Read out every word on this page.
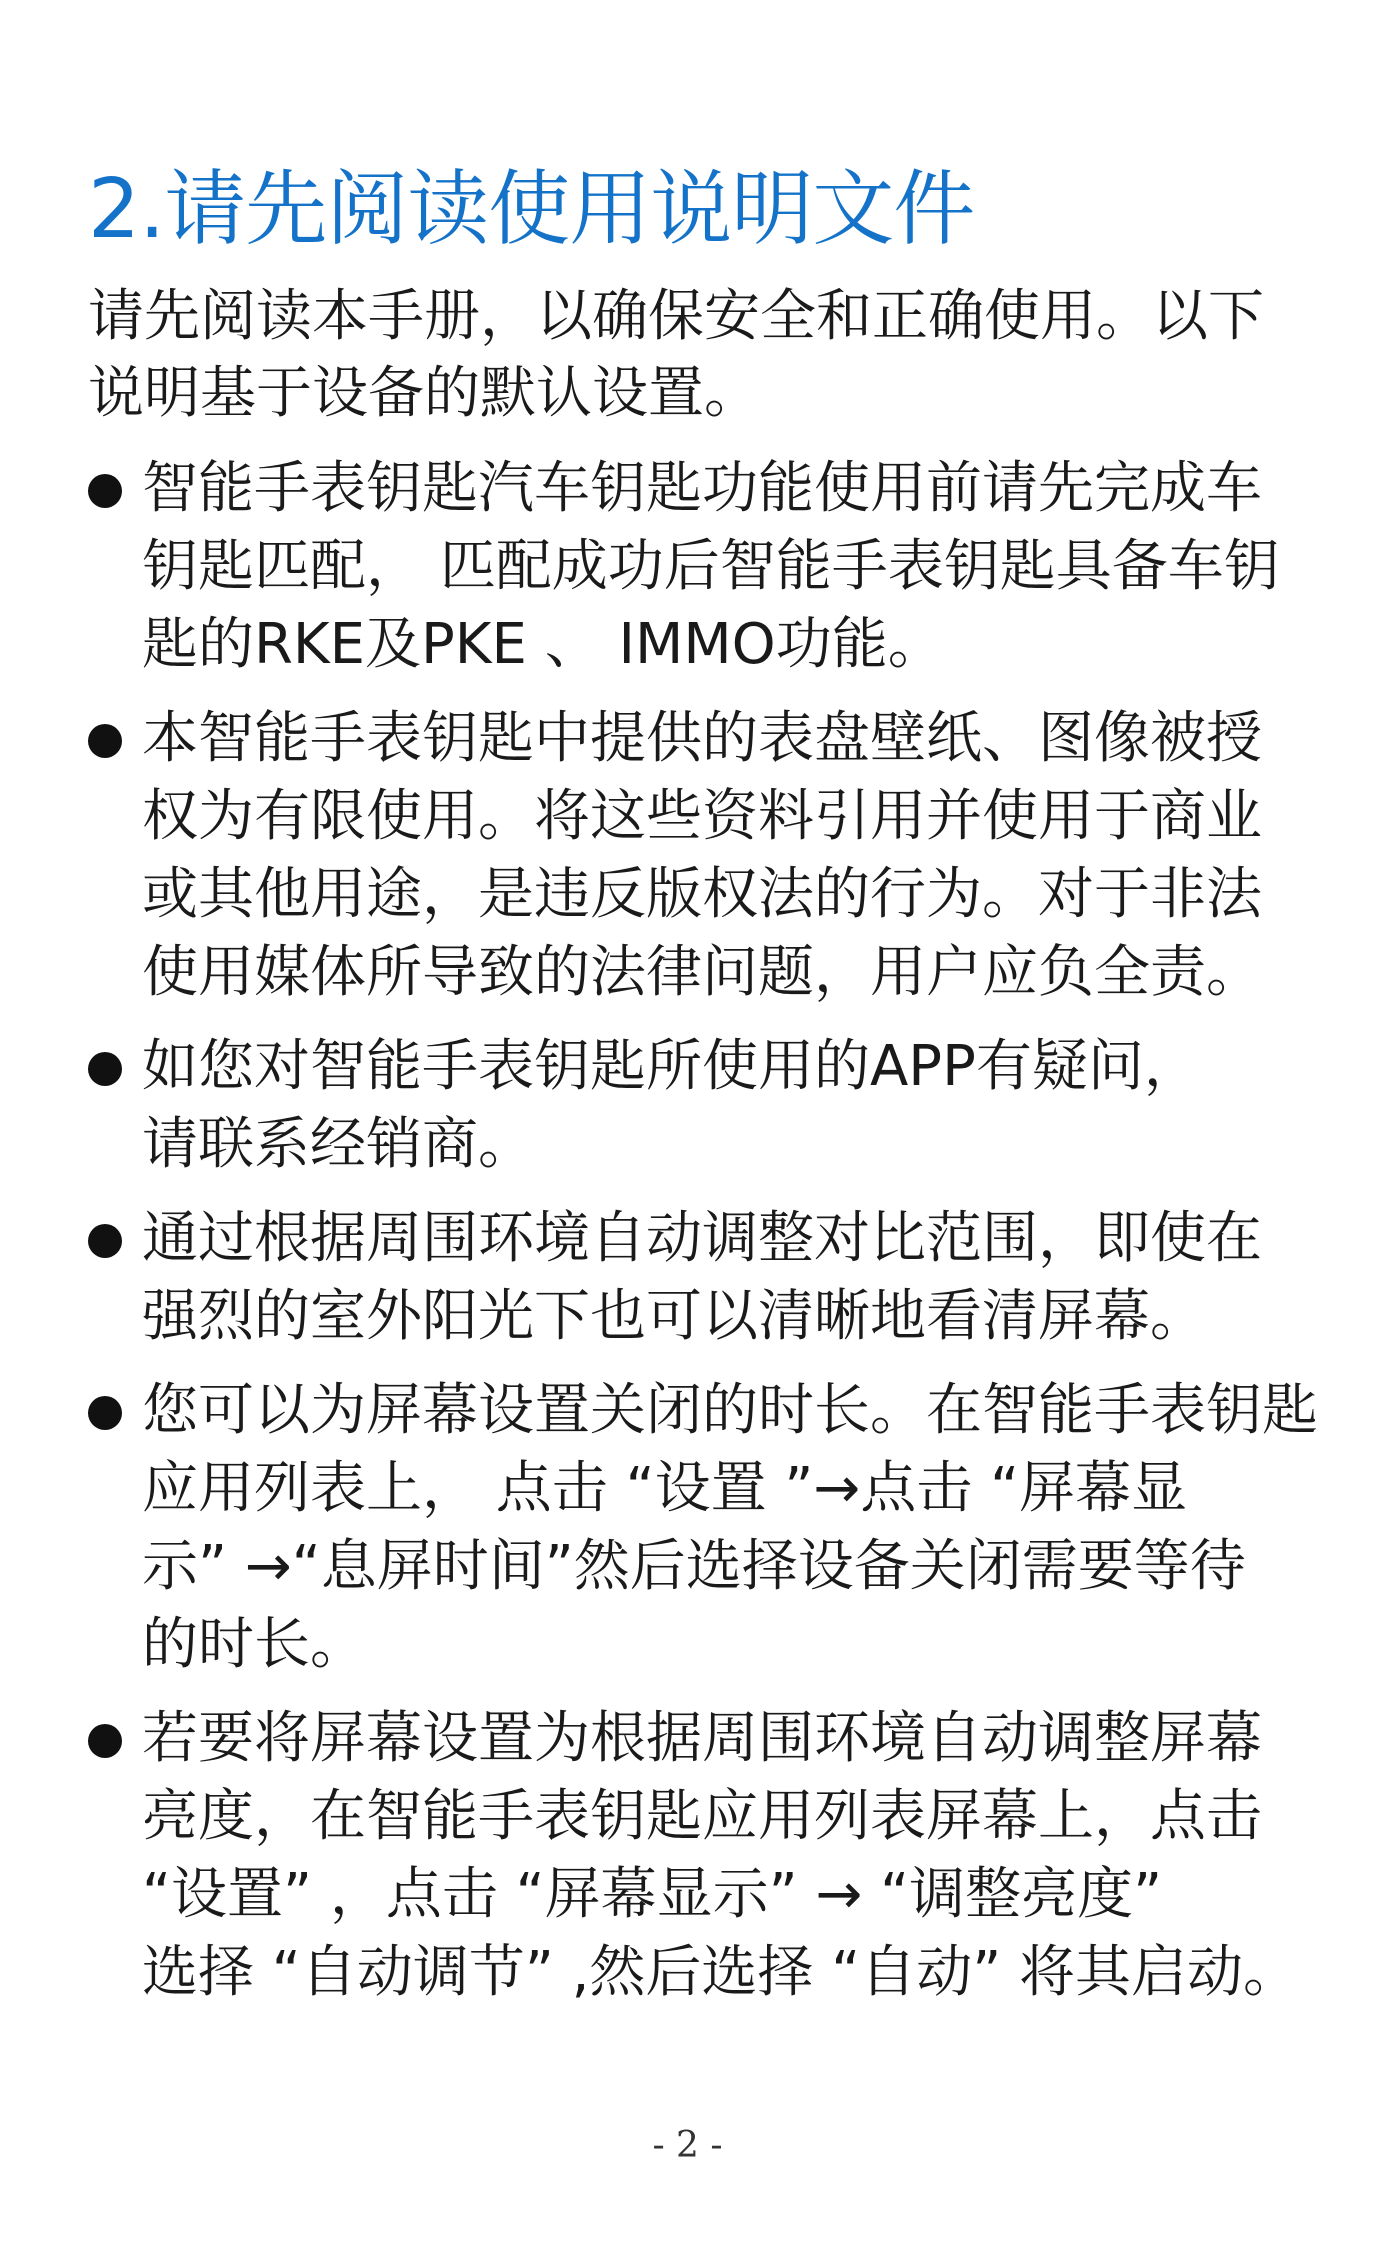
2.请先阅读使用说明文件
请先阅读本手册，以确保安全和正确使用。以下
说明基于设备的默认设置。
智能手表钥匙汽车钥匙功能使用前请先完成车
钥匙匹配， 匹配成功后智能手表钥匙具备车钥
匙的RKE及PKE 、 IMMO功能。
本智能手表钥匙中提供的表盘壁纸、图像被授
权为有限使用。将这些资料引用并使用于商业
或其他用途，是违反版权法的行为。对于非法
使用媒体所导致的法律问题，用户应负全责。
如您对智能手表钥匙所使用的APP有疑问，
请联系经销商。
通过根据周围环境自动调整对比范围，即使在
强烈的室外阳光下也可以清晰地看清屏幕。
您可以为屏幕设置关闭的时长。在智能手表钥匙
应用列表上， 点击 “设置 ”→点击 “屏幕显
示” →“息屏时间”然后选择设备关闭需要等待
的时长。
若要将屏幕设置为根据周围环境自动调整屏幕
亮度，在智能手表钥匙应用列表屏幕上，点击
“设置” ，点击 “屏幕显示” → “调整亮度”
选择 “自动调节” ,然后选择 “自动” 将其启动。
- 2 -
